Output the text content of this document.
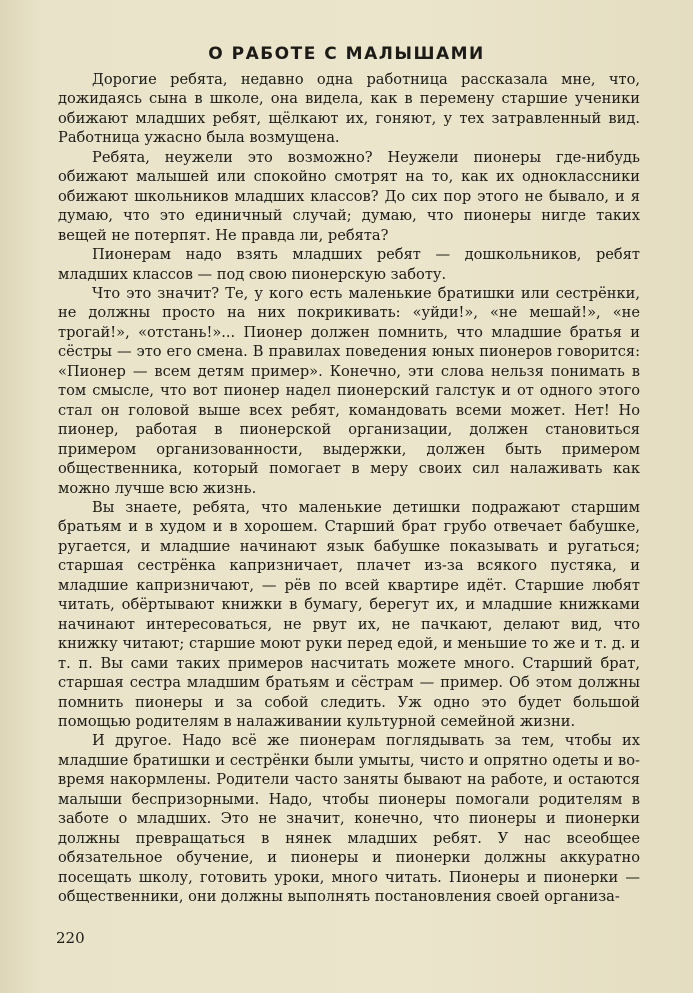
О РАБОТЕ С МАЛЫШАМИ

Дорогие ребята, недавно одна работница рассказала мне, что, дожидаясь сына в школе, она видела, как в перемену старшие ученики обижают младших ребят, щёлкают их, гоняют, у тех затравленный вид. Работница ужасно была возмущена.

Ребята, неужели это возможно? Неужели пионеры где-нибудь обижают малышей или спокойно смотрят на то, как их одноклассники обижают школьников младших классов? До сих пор этого не бывало, и я думаю, что это единичный случай; думаю, что пионеры нигде таких вещей не потерпят. Не правда ли, ребята?

Пионерам надо взять младших ребят — дошкольников, ребят младших классов — под свою пионерскую заботу.

Что это значит? Те, у кого есть маленькие братишки или сестрёнки, не должны просто на них покрикивать: «уйди!», «не мешай!», «не трогай!», «отстань!»... Пионер должен помнить, что младшие братья и сёстры — это его смена. В правилах поведения юных пионеров говорится: «Пионер — всем детям пример». Конечно, эти слова нельзя понимать в том смысле, что вот пионер надел пионерский галстук и от одного этого стал он головой выше всех ребят, командовать всеми может. Нет! Но пионер, работая в пионерской организации, должен становиться примером организованности, выдержки, должен быть примером общественника, который помогает в меру своих сил налаживать как можно лучше всю жизнь.

Вы знаете, ребята, что маленькие детишки подражают старшим братьям и в худом и в хорошем. Старший брат грубо отвечает бабушке, ругается, и младшие начинают язык бабушке показывать и ругаться; старшая сестрёнка капризничает, плачет из-за всякого пустяка, и младшие капризничают, — рёв по всей квартире идёт. Старшие любят читать, обёртывают книжки в бумагу, берегут их, и младшие книжками начинают интересоваться, не рвут их, не пачкают, делают вид, что книжку читают; старшие моют руки перед едой, и меньшие то же и т. д. и т. п. Вы сами таких примеров насчитать можете много. Старший брат, старшая сестра младшим братьям и сёстрам — пример. Об этом должны помнить пионеры и за собой следить. Уж одно это будет большой помощью родителям в налаживании культурной семейной жизни.

И другое. Надо всё же пионерам поглядывать за тем, чтобы их младшие братишки и сестрёнки были умыты, чисто и опрятно одеты и во-время накормлены. Родители часто заняты бывают на работе, и остаются малыши беспризорными. Надо, чтобы пионеры помогали родителям в заботе о младших. Это не значит, конечно, что пионеры и пионерки должны превращаться в нянек младших ребят. У нас всеобщее обязательное обучение, и пионеры и пионерки должны аккуратно посещать школу, готовить уроки, много читать. Пионеры и пионерки — общественники, они должны выполнять постановления своей организа-

220
